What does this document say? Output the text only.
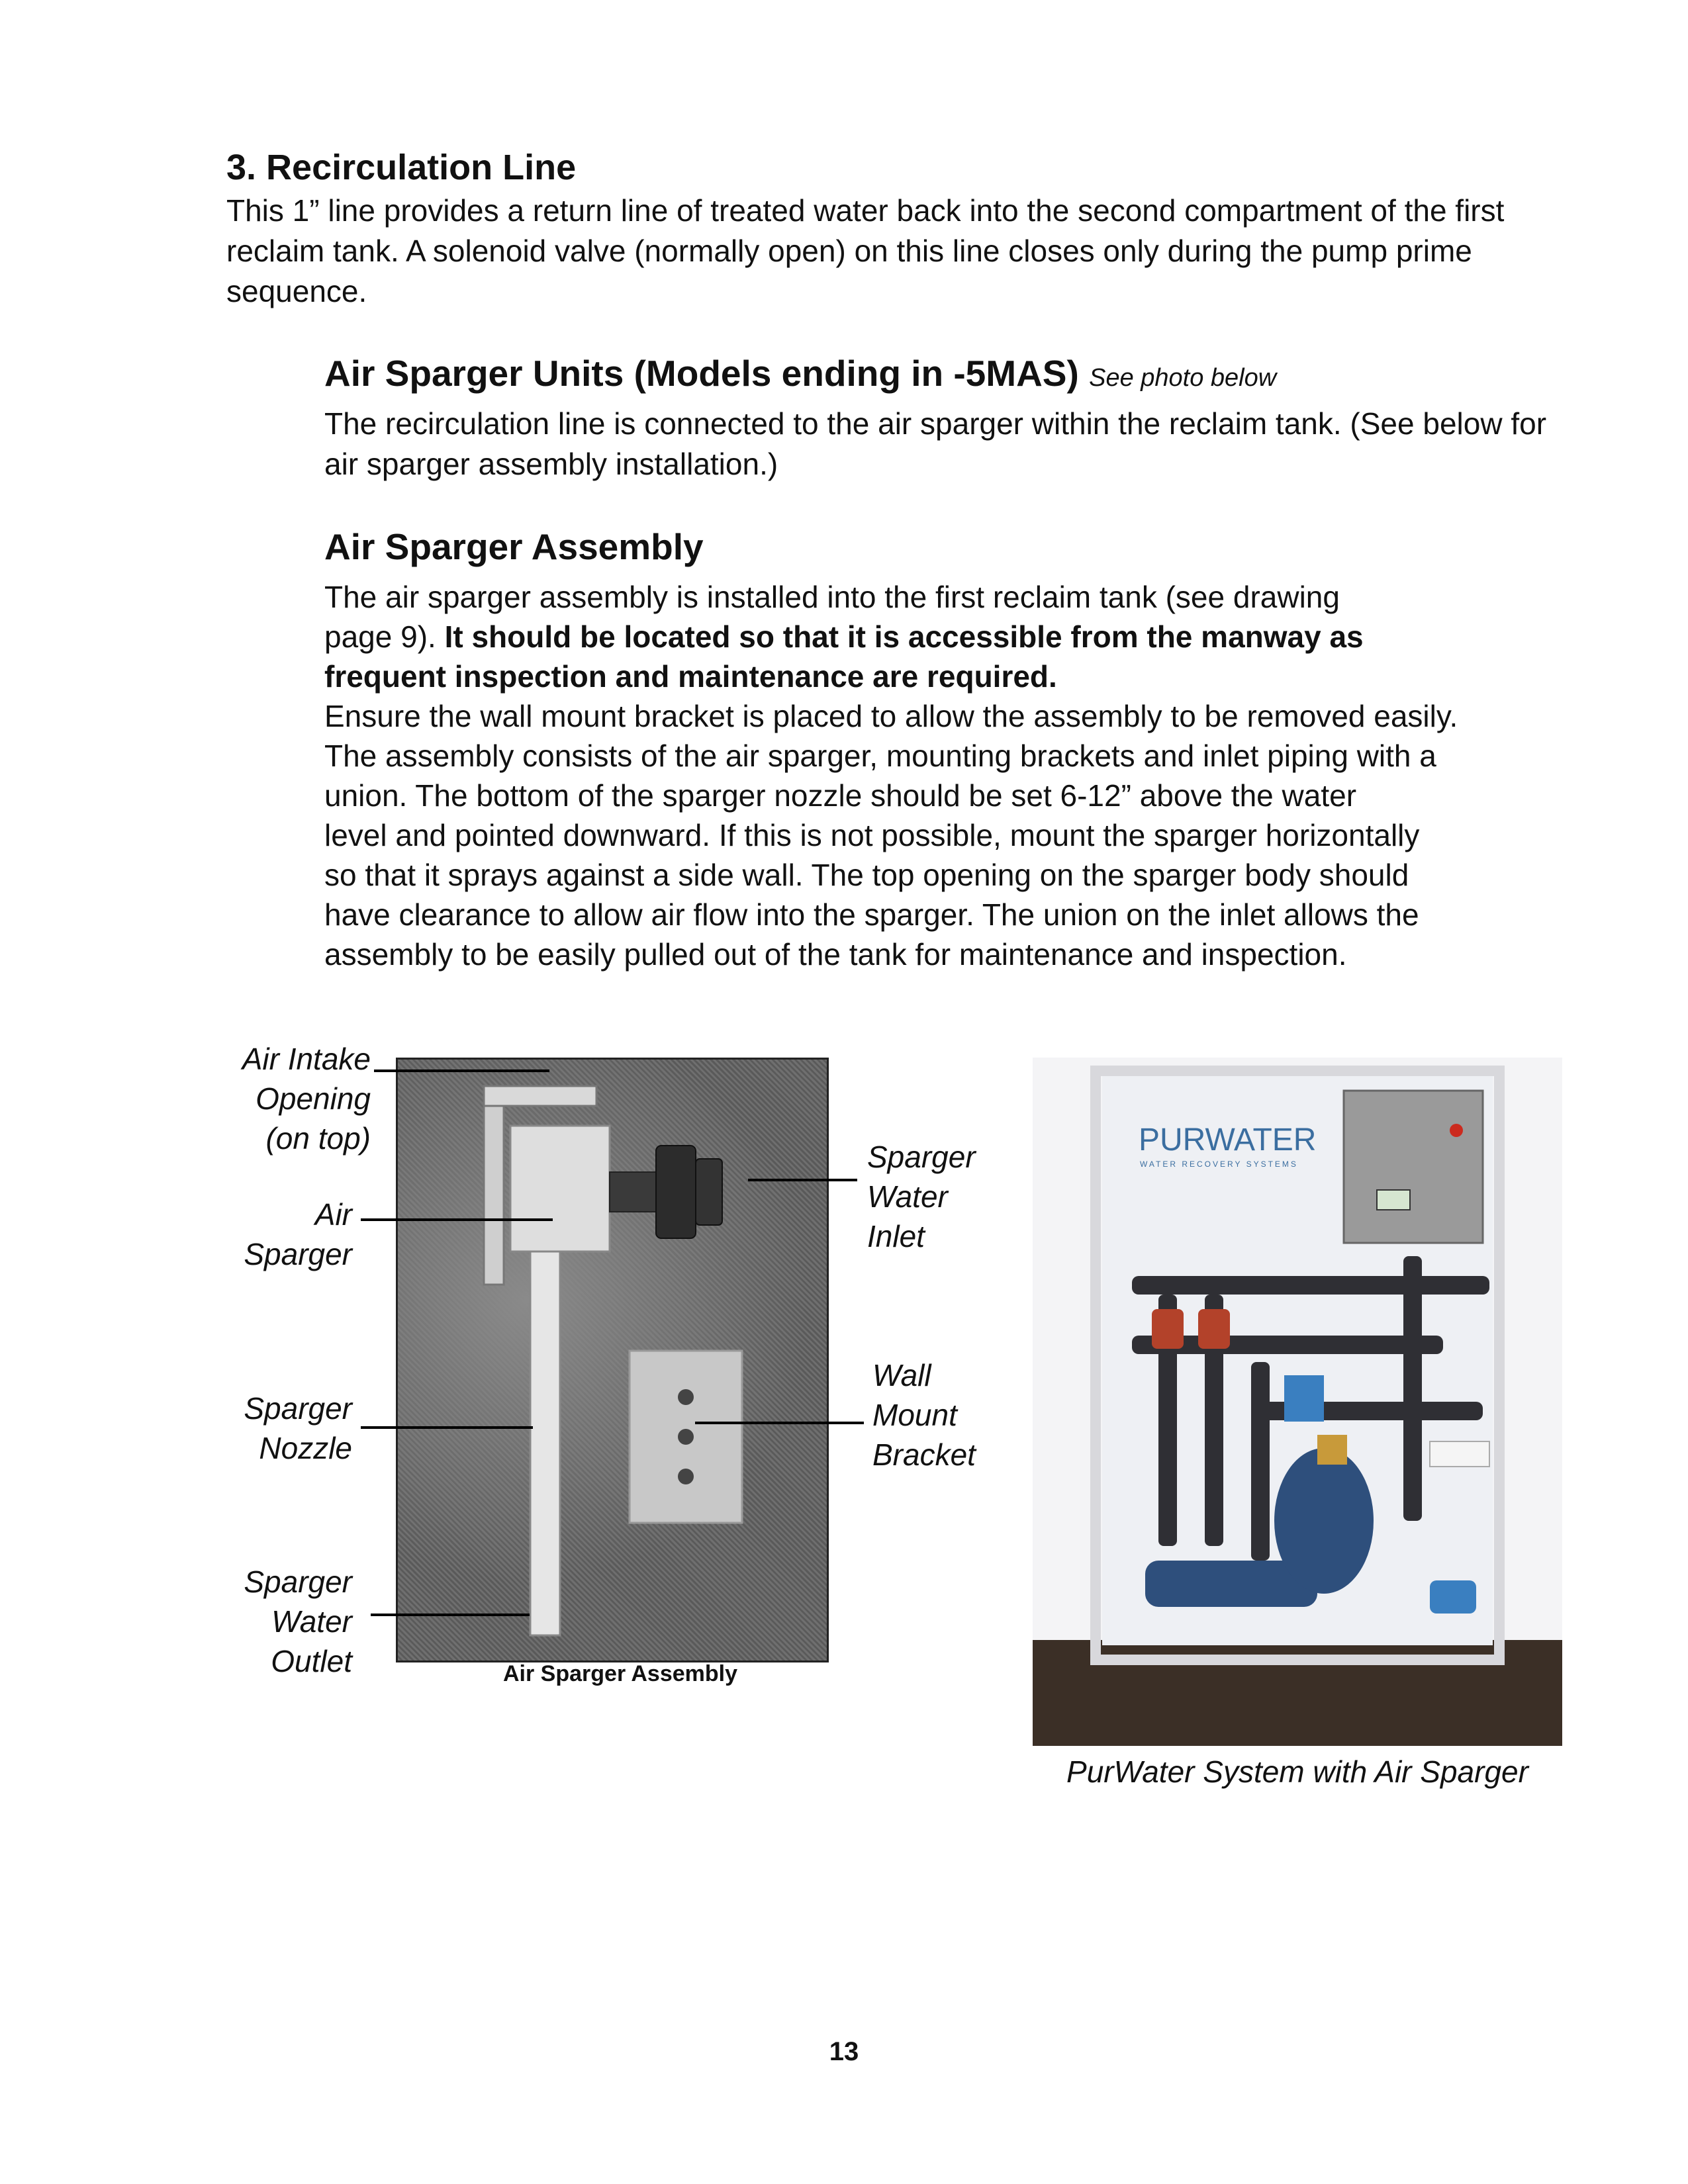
3. Recirculation Line
This 1” line provides a return line of treated water back into the second compartment of the first reclaim tank. A solenoid valve (normally open) on this line closes only during the pump prime sequence.
Air Sparger Units (Models ending in -5MAS) See photo below
The recirculation line is connected to the air sparger within the reclaim tank. (See below for air sparger assembly installation.)
Air Sparger Assembly
The air sparger assembly is installed into the first reclaim tank (see drawing
page 9). It should be located so that it is accessible from the manway as
frequent inspection and maintenance are required.
Ensure the wall mount bracket is placed to allow the assembly to be removed easily.
The assembly consists of the air sparger, mounting brackets and inlet piping with a
union. The bottom of the sparger nozzle should be set 6-12” above the water
level and pointed downward. If this is not possible, mount the sparger horizontally
so that it sprays against a side wall. The top opening on the sparger body should
have clearance to allow air flow into the sparger. The union on the inlet allows the
assembly to be easily pulled out of the tank for maintenance and inspection.
Air Intake
Opening
(on top)
Air
Sparger
Sparger
Nozzle
Sparger
Water
Outlet
Sparger
Water
Inlet
Wall
Mount
Bracket
Air Sparger Assembly
PURWATER
WATER RECOVERY SYSTEMS
PurWater System with Air Sparger
13
